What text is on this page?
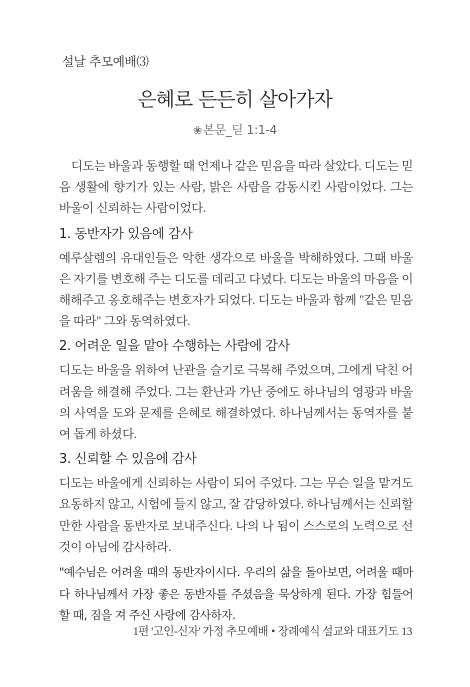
설날 추모예배⑶
은혜로 든든히 살아가자
❀본문_딛 1:1-4

디도는 바울과 동행할 때 언제나 같은 믿음을 따라 살았다. 디도는 믿음 생활에 향기가 있는 사람, 밝은 사람을 감동시킨 사람이었다. 그는 바울이 신뢰하는 사람이었다.

1. 동반자가 있음에 감사

예루살렘의 유대인들은 악한 생각으로 바울을 박해하였다. 그때 바울은 자기를 변호해 주는 디도를 데리고 다녔다. 디도는 바울의 마음을 이해해주고 옹호해주는 변호자가 되었다. 디도는 바울과 함께 "같은 믿음을 따라" 그와 동역하였다.

2. 어려운 일을 맡아 수행하는 사람에 감사

디도는 바울을 위하여 난관을 슬기로 극복해 주었으며, 그에게 닥친 어려움을 해결해 주었다. 그는 환난과 가난 중에도 하나님의 영광과 바울의 사역을 도와 문제를 은혜로 해결하였다. 하나님께서는 동역자를 붙여 돕게 하셨다.

3. 신뢰할 수 있음에 감사

디도는 바울에게 신뢰하는 사람이 되어 주었다. 그는 무슨 일을 맡겨도 요동하지 않고, 시험에 들지 않고, 잘 감당하였다. 하나님께서는 신뢰할만한 사람을 동반자로 보내주신다. 나의 나 됨이 스스로의 노력으로 선 것이 아님에 감사하라.

"예수님은 어려울 때의 동반자이시다. 우리의 삶을 돌아보면, 어려울 때마다 하나님께서 가장 좋은 동반자를 주셨음을 묵상하게 된다. 가장 힘들어 할 때, 짐을 져 주신 사랑에 감사하자.

1편 '고인-신자' 가정 추모예배 • 장례예식 설교와 대표기도 13
